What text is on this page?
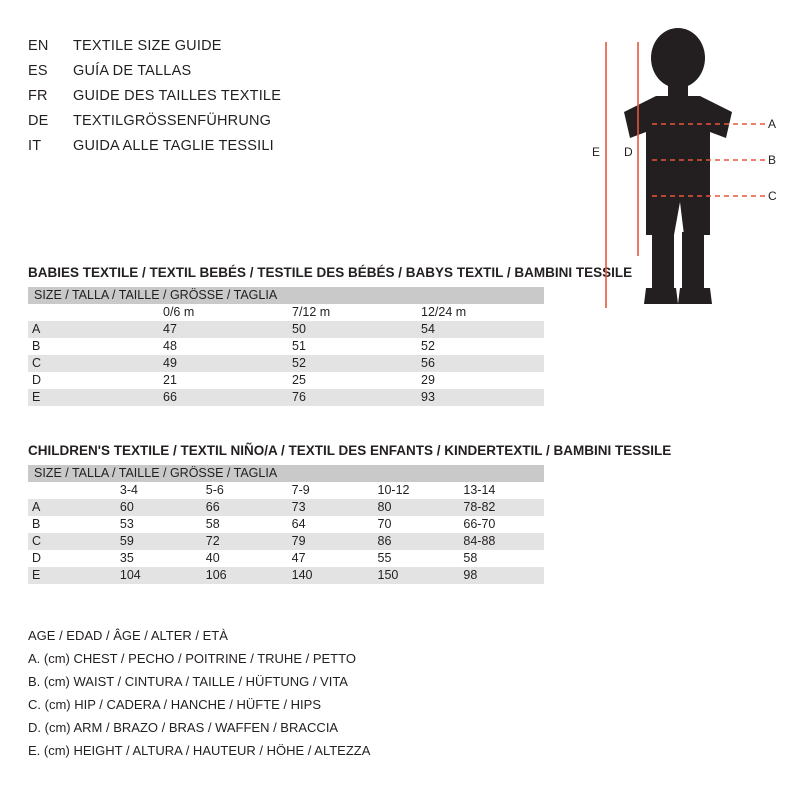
EN	TEXTILE SIZE GUIDE
ES	GUÍA DE TALLAS
FR	GUIDE DES TAILLES TEXTILE
DE	TEXTILGRÖSSENFÜHRUNG
IT	GUIDA ALLE TAGLIE TESSILI
BABIES TEXTILE / TEXTIL BEBÉS / TESTILE DES BÉBÉS / BABYS TEXTIL / BAMBINI TESSILE
SIZE / TALLA / TAILLE / GRÖSSE / TAGLIA			
	0/6 m	7/12 m	12/24 m
A	47	50	54
B	48	51	52
C	49	52	56
D	21	25	29
E	66	76	93
CHILDREN'S TEXTILE / TEXTIL NIÑO/A / TEXTIL DES ENFANTS / KINDERTEXTIL / BAMBINI TESSILE
SIZE / TALLA / TAILLE / GRÖSSE / TAGLIA					
	3-4	5-6	7-9	10-12	13-14
A	60	66	73	80	78-82
B	53	58	64	70	66-70
C	59	72	79	86	84-88
D	35	40	47	55	58
E	104	106	140	150	98
AGE / EDAD / ÂGE / ALTER / ETÀ
A. (cm) CHEST / PECHO / POITRINE / TRUHE / PETTO
B. (cm) WAIST / CINTURA / TAILLE / HÜFTUNG / VITA
C. (cm) HIP / CADERA / HANCHE / HÜFTE / HIPS
D. (cm) ARM / BRAZO / BRAS / WAFFEN / BRACCIA
E. (cm) HEIGHT / ALTURA / HAUTEUR / HÖHE / ALTEZZA
A
B
C
D
E
